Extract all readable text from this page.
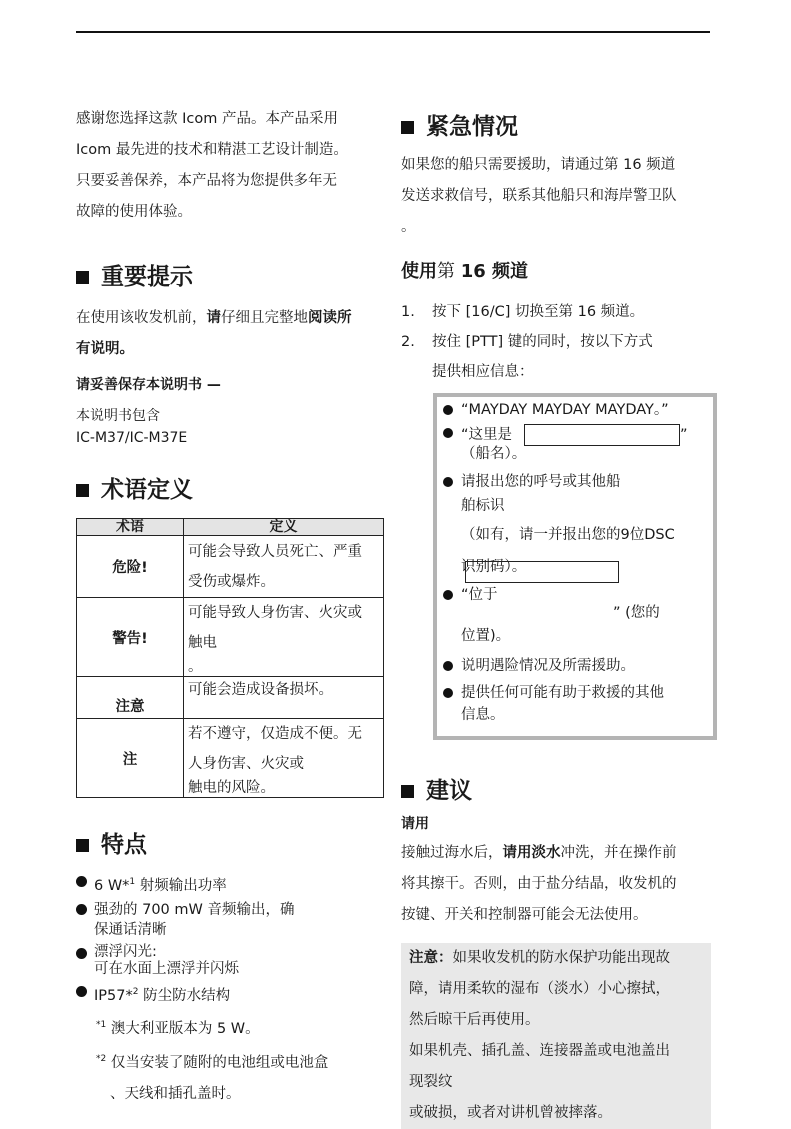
感谢您选择这款 Icom 产品。本产品采用

Icom 最先进的技术和精湛工艺设计制造。

只要妥善保养，本产品将为您提供多年无

故障的使用体验。

重要提示

在使用该收发机前，请仔细且完整地阅读所

有说明。

请妥善保存本说明书 —

本说明书包含

IC-M37/IC-M37E

术语定义
术语	定义
危险!	可能会导致人员死亡、严重
受伤或爆炸。

警告!	可能导致人身伤害、火灾或
触电
。

注意	可能会造成设备损坏。

注	若不遵守，仅造成不便。无
人身伤害、火灾或
触电的风险。
特点
6 W*$^1$ 射频输出功率
强劲的 700 mW 音频输出，确
保通话清晰
漂浮闪光:
可在水面上漂浮并闪烁
IP57*$^2$ 防尘防水结构

$^{*1}$ 澳大利亚版本为 5 W。

$^{*2}$ 仅当安装了随附的电池组或电池盒

、天线和插孔盖时。

紧急情况

如果您的船只需要援助，请通过第 16 频道

发送求救信号，联系其他船只和海岸警卫队

。

使用第 16 频道
1. 按下 [16/C] 切换至第 16 频道。
2. 按住 [PTT] 键的同时，按以下方式
提供相应信息：
“MAYDAY MAYDAY MAYDAY。”
“这里是	”
（船名）。
请报出您的呼号或其他船
舶标识
（如有，请一并报出您的9位DSC
识别码）。
“位于
” (您的
位置)。
说明遇险情况及所需援助。
提供任何可能有助于救援的其他
信息。
建议

请用

接触过海水后，请用淡水冲洗，并在操作前

将其擦干。否则，由于盐分结晶，收发机的

按键、开关和控制器可能会无法使用。

注意：如果收发机的防水保护功能出现故

障，请用柔软的湿布（淡水）小心擦拭，

然后晾干后再使用。

如果机壳、插孔盖、连接器盖或电池盖出

现裂纹

或破损，或者对讲机曾被摔落。
